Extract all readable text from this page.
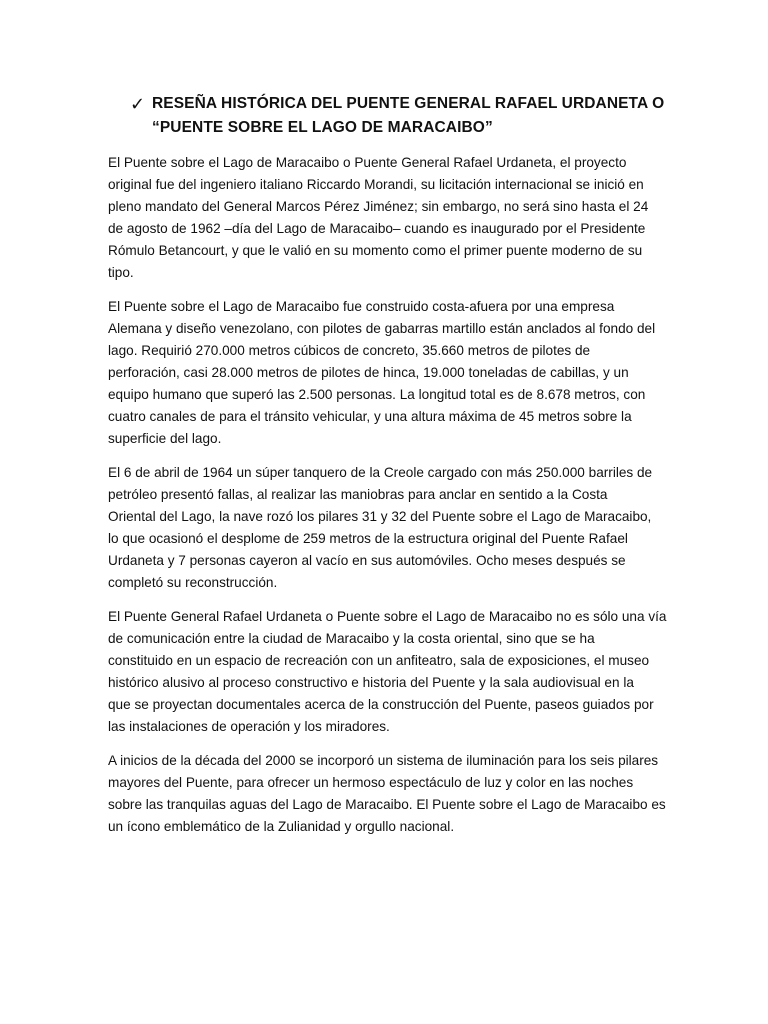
✓ RESEÑA HISTÓRICA DEL PUENTE GENERAL RAFAEL URDANETA O
“PUENTE SOBRE EL LAGO DE MARACAIBO”

El Puente sobre el Lago de Maracaibo o Puente General Rafael Urdaneta, el proyecto
original fue del ingeniero italiano Riccardo Morandi, su licitación internacional se inició en
pleno mandato del General Marcos Pérez Jiménez; sin embargo, no será sino hasta el 24
de agosto de 1962 –día del Lago de Maracaibo– cuando es inaugurado por el Presidente
Rómulo Betancourt, y que le valió en su momento como el primer puente moderno de su
tipo.

El Puente sobre el Lago de Maracaibo fue construido costa-afuera por una empresa
Alemana y diseño venezolano, con pilotes de gabarras martillo están anclados al fondo del
lago. Requirió 270.000 metros cúbicos de concreto, 35.660 metros de pilotes de
perforación, casi 28.000 metros de pilotes de hinca, 19.000 toneladas de cabillas, y un
equipo humano que superó las 2.500 personas. La longitud total es de 8.678 metros, con
cuatro canales de para el tránsito vehicular, y una altura máxima de 45 metros sobre la
superficie del lago.

El 6 de abril de 1964 un súper tanquero de la Creole cargado con más 250.000 barriles de
petróleo presentó fallas, al realizar las maniobras para anclar en sentido a la Costa
Oriental del Lago, la nave rozó los pilares 31 y 32 del Puente sobre el Lago de Maracaibo,
lo que ocasionó el desplome de 259 metros de la estructura original del Puente Rafael
Urdaneta y 7 personas cayeron al vacío en sus automóviles. Ocho meses después se
completó su reconstrucción.

El Puente General Rafael Urdaneta o Puente sobre el Lago de Maracaibo no es sólo una vía
de comunicación entre la ciudad de Maracaibo y la costa oriental, sino que se ha
constituido en un espacio de recreación con un anfiteatro, sala de exposiciones, el museo
histórico alusivo al proceso constructivo e historia del Puente y la sala audiovisual en la
que se proyectan documentales acerca de la construcción del Puente, paseos guiados por
las instalaciones de operación y los miradores.

A inicios de la década del 2000 se incorporó un sistema de iluminación para los seis pilares
mayores del Puente, para ofrecer un hermoso espectáculo de luz y color en las noches
sobre las tranquilas aguas del Lago de Maracaibo. El Puente sobre el Lago de Maracaibo es
un ícono emblemático de la Zulianidad y orgullo nacional.
